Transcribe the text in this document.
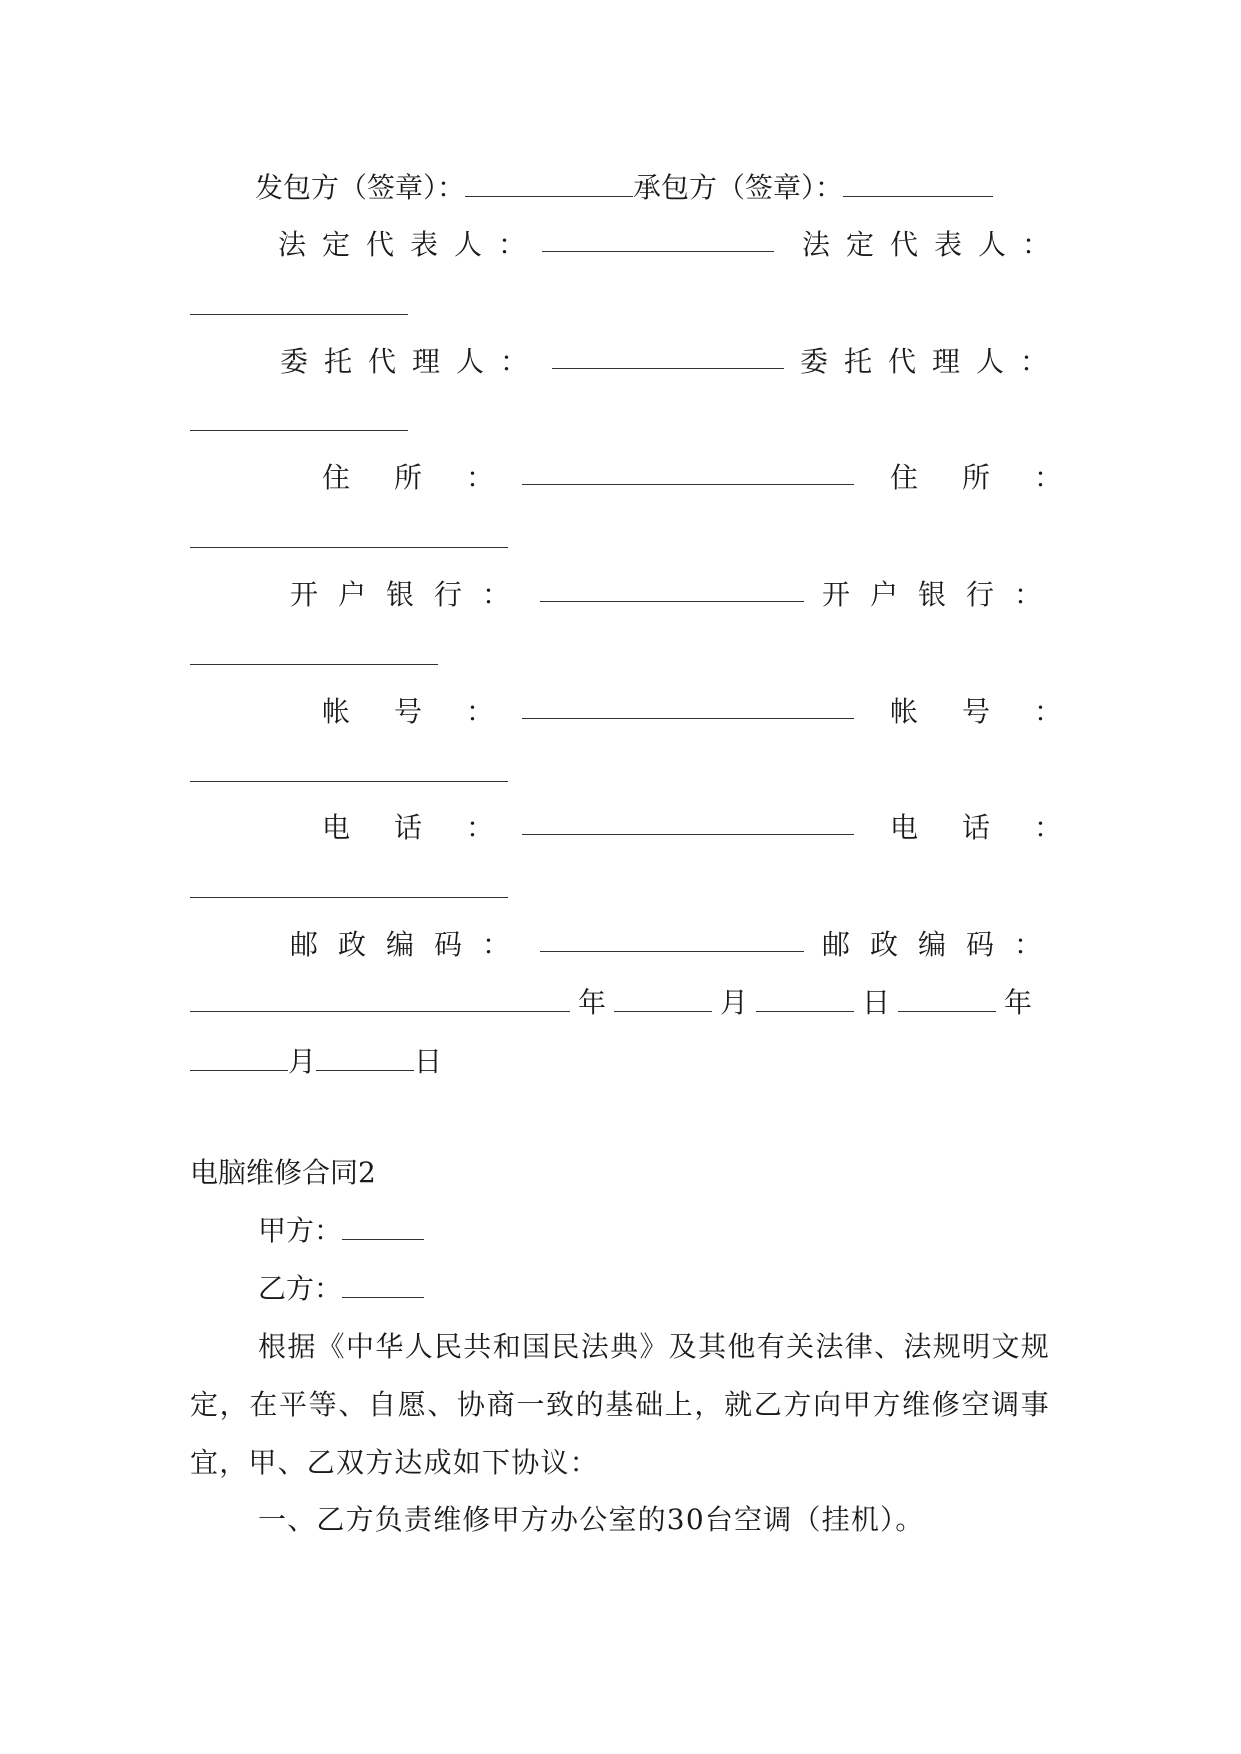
发包方（签章）：	承包方（签章）：
法定代表人：	法定代表人：
委托代理人：	委托代理人：
住所：	住所：
开户银行：	开户银行：
帐号：	帐号：
电话：	电话：
邮政编码：	邮政编码：
年	月	日	年
月	日
电脑维修合同2
甲方：
乙方：
根据《中华人民共和国民法典》及其他有关法律、法规明文规定，在平等、自愿、协商一致的基础上，就乙方向甲方维修空调事宜，甲、乙双方达成如下协议：
一、乙方负责维修甲方办公室的30台空调（挂机）。
